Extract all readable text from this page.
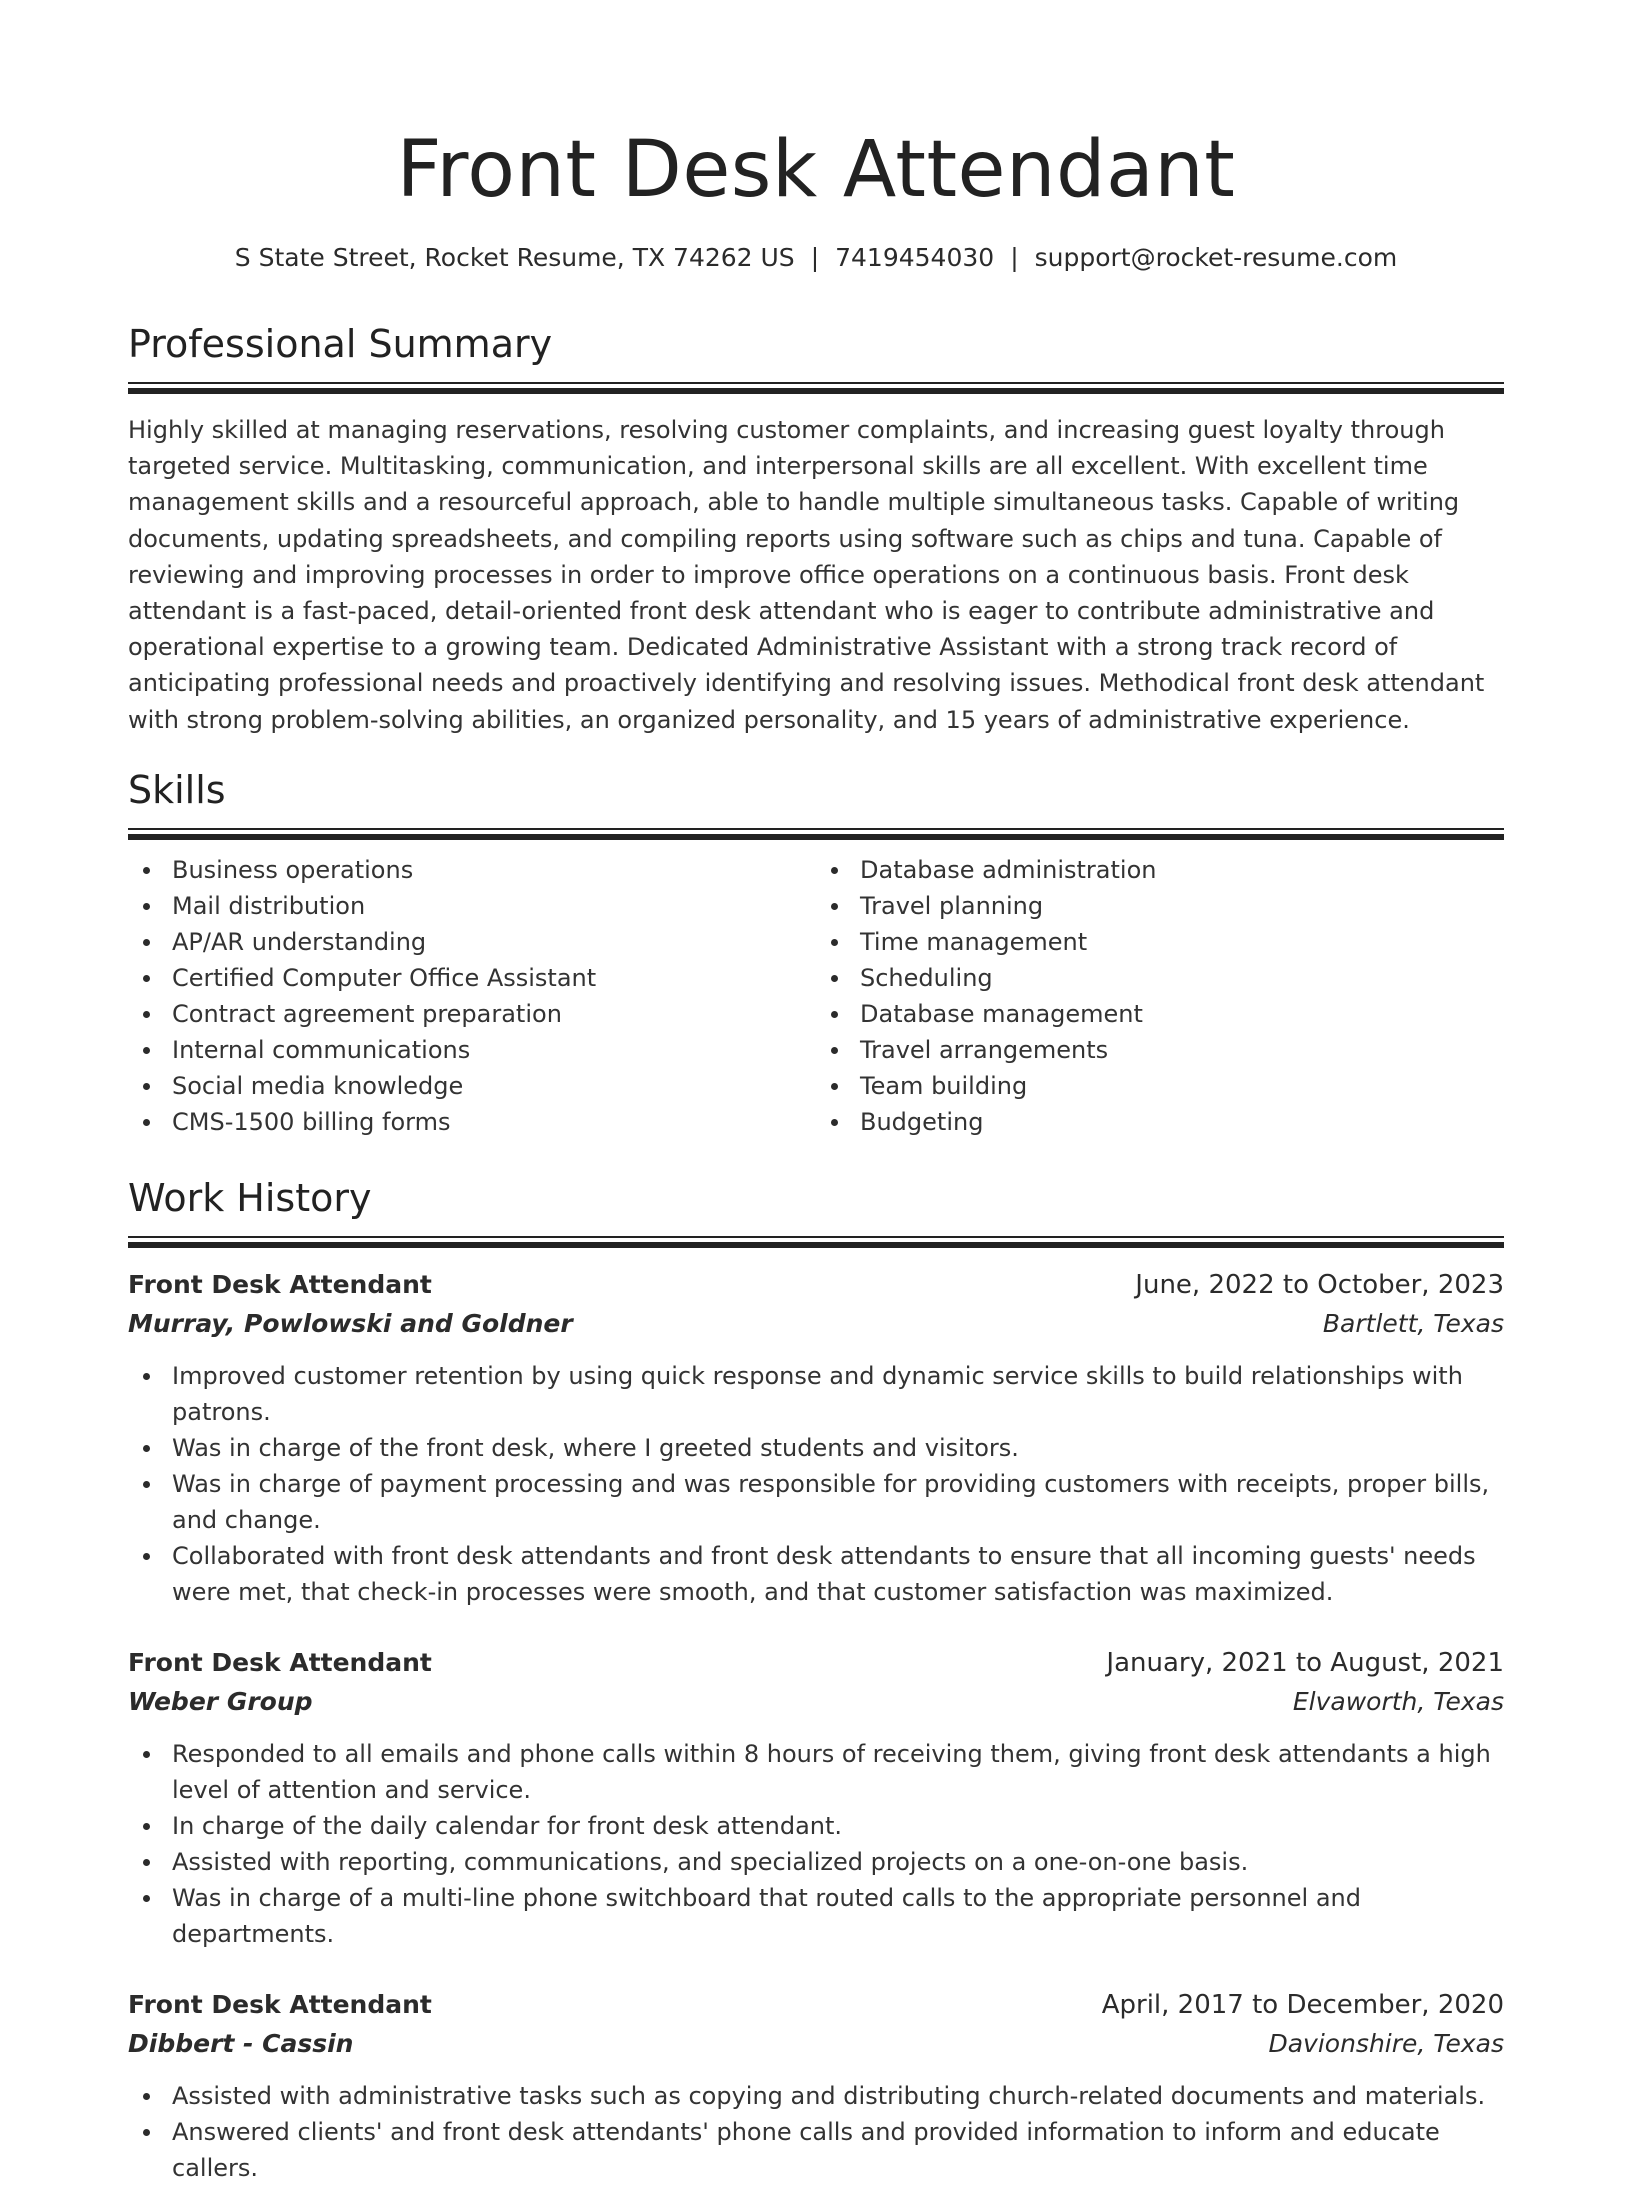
Front Desk Attendant
S State Street, Rocket Resume, TX 74262 US | 7419454030 | support@rocket-resume.com
Professional Summary

Highly skilled at managing reservations, resolving customer complaints, and increasing guest loyalty through targeted service. Multitasking, communication, and interpersonal skills are all excellent. With excellent time management skills and a resourceful approach, able to handle multiple simultaneous tasks. Capable of writing documents, updating spreadsheets, and compiling reports using software such as chips and tuna. Capable of reviewing and improving processes in order to improve office operations on a continuous basis. Front desk attendant is a fast-paced, detail-oriented front desk attendant who is eager to contribute administrative and operational expertise to a growing team. Dedicated Administrative Assistant with a strong track record of anticipating professional needs and proactively identifying and resolving issues. Methodical front desk attendant with strong problem-solving abilities, an organized personality, and 15 years of administrative experience.

Skills
Business operations
Mail distribution
AP/AR understanding
Certified Computer Office Assistant
Contract agreement preparation
Internal communications
Social media knowledge
CMS-1500 billing forms
Database administration
Travel planning
Time management
Scheduling
Database management
Travel arrangements
Team building
Budgeting
Work History
Front Desk Attendant	June, 2022 to October, 2023
Murray, Powlowski and Goldner	Bartlett, Texas
Improved customer retention by using quick response and dynamic service skills to build relationships with patrons.
Was in charge of the front desk, where I greeted students and visitors.
Was in charge of payment processing and was responsible for providing customers with receipts, proper bills, and change.
Collaborated with front desk attendants and front desk attendants to ensure that all incoming guests' needs were met, that check-in processes were smooth, and that customer satisfaction was maximized.
Front Desk Attendant	January, 2021 to August, 2021
Weber Group	Elvaworth, Texas
Responded to all emails and phone calls within 8 hours of receiving them, giving front desk attendants a high level of attention and service.
In charge of the daily calendar for front desk attendant.
Assisted with reporting, communications, and specialized projects on a one-on-one basis.
Was in charge of a multi-line phone switchboard that routed calls to the appropriate personnel and departments.
Front Desk Attendant	April, 2017 to December, 2020
Dibbert - Cassin	Davionshire, Texas
Assisted with administrative tasks such as copying and distributing church-related documents and materials.
Answered clients' and front desk attendants' phone calls and provided information to inform and educate callers.
